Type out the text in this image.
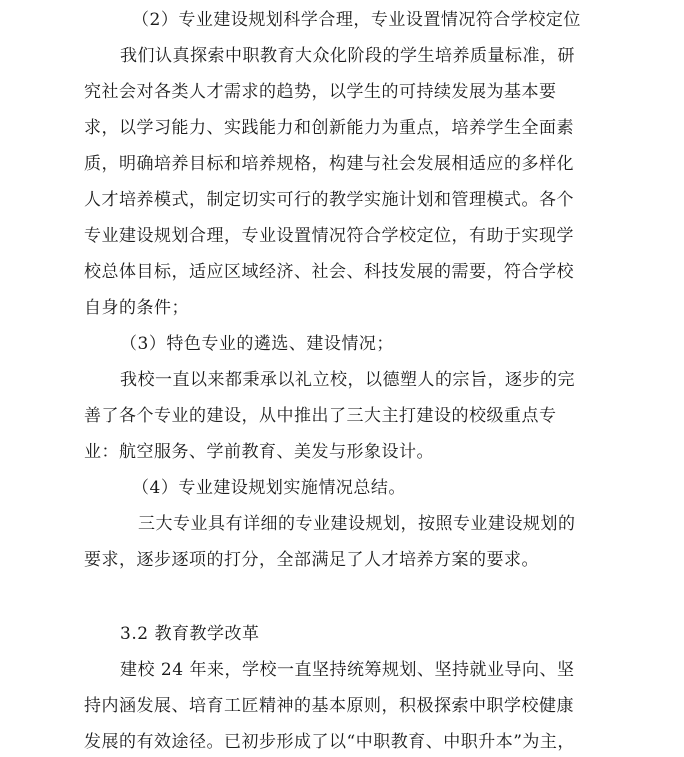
（2）专业建设规划科学合理，专业设置情况符合学校定位
我们认真探索中职教育大众化阶段的学生培养质量标准，研
究社会对各类人才需求的趋势，以学生的可持续发展为基本要
求，以学习能力、实践能力和创新能力为重点，培养学生全面素
质，明确培养目标和培养规格，构建与社会发展相适应的多样化
人才培养模式，制定切实可行的教学实施计划和管理模式。各个
专业建设规划合理，专业设置情况符合学校定位，有助于实现学
校总体目标，适应区域经济、社会、科技发展的需要，符合学校
自身的条件；
（3）特色专业的遴选、建设情况；
我校一直以来都秉承以礼立校，以德塑人的宗旨，逐步的完
善了各个专业的建设，从中推出了三大主打建设的校级重点专
业：航空服务、学前教育、美发与形象设计。
（4）专业建设规划实施情况总结。
三大专业具有详细的专业建设规划，按照专业建设规划的
要求，逐步逐项的打分，全部满足了人才培养方案的要求。
3.2 教育教学改革
建校 24 年来，学校一直坚持统筹规划、坚持就业导向、坚
持内涵发展、培育工匠精神的基本原则，积极探索中职学校健康
发展的有效途径。已初步形成了以“中职教育、中职升本”为主，
